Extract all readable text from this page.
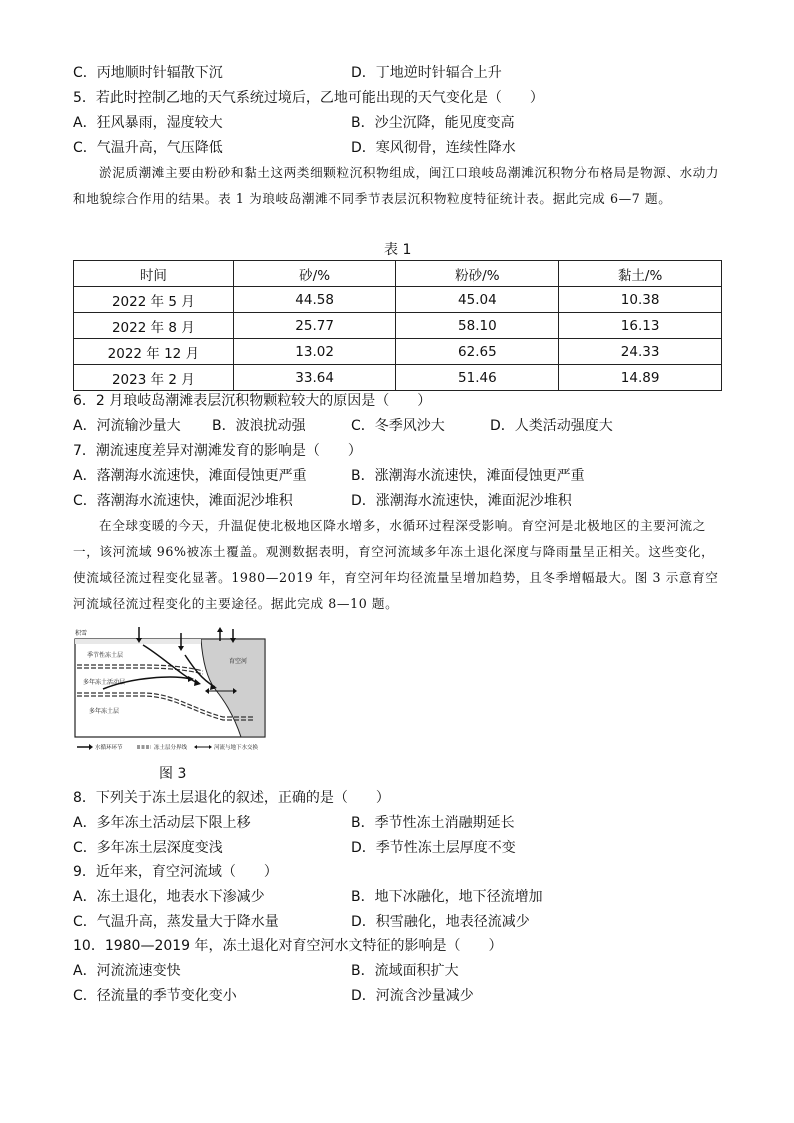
C．丙地顺时针辐散下沉	D．丁地逆时针辐合上升
5．若此时控制乙地的天气系统过境后，乙地可能出现的天气变化是（　　）
A．狂风暴雨，湿度较大	B．沙尘沉降，能见度变高
C．气温升高，气压降低	D．寒风彻骨，连续性降水
淤泥质潮滩主要由粉砂和黏土这两类细颗粒沉积物组成，闽江口琅岐岛潮滩沉积物分布格局是物源、水动力和地貌综合作用的结果。表 1 为琅岐岛潮滩不同季节表层沉积物粒度特征统计表。据此完成 6—7 题。
表 1
时间	砂/%	粉砂/%	黏土/%
2022 年 5 月	44.58	45.04	10.38
2022 年 8 月	25.77	58.10	16.13
2022 年 12 月	13.02	62.65	24.33
2023 年 2 月	33.64	51.46	14.89
6．2 月琅岐岛潮滩表层沉积物颗粒较大的原因是（　　）
A．河流输沙量大 B．波浪扰动强	C．冬季风沙大	D．人类活动强度大
7．潮流速度差异对潮滩发育的影响是（　　）
A．落潮海水流速快，滩面侵蚀更严重	B．涨潮海水流速快，滩面侵蚀更严重
C．落潮海水流速快，滩面泥沙堆积	D．涨潮海水流速快，滩面泥沙堆积
在全球变暖的今天，升温促使北极地区降水增多，水循环过程深受影响。育空河是北极地区的主要河流之一，该河流域 96%被冻土覆盖。观测数据表明，育空河流域多年冻土退化深度与降雨量呈正相关。这些变化，使流域径流过程变化显著。1980—2019 年，育空河年均径流量呈增加趋势，且冬季增幅最大。图 3 示意育空河流域径流过程变化的主要途径。据此完成 8—10 题。
积雪
季节性冻土层
多年冻土活动层
多年冻土层
育空河
水循环环节	冻土层分界线	河流与地下水交换
图 3
8．下列关于冻土层退化的叙述，正确的是（　　）
A．多年冻土活动层下限上移	B．季节性冻土消融期延长
C．多年冻土层深度变浅	D．季节性冻土层厚度不变
9．近年来，育空河流域（　　）
A．冻土退化，地表水下渗减少	B．地下冰融化，地下径流增加
C．气温升高，蒸发量大于降水量	D．积雪融化，地表径流减少
10．1980—2019 年，冻土退化对育空河水文特征的影响是（　　）
A．河流流速变快	B．流域面积扩大
C．径流量的季节变化变小	D．河流含沙量减少
